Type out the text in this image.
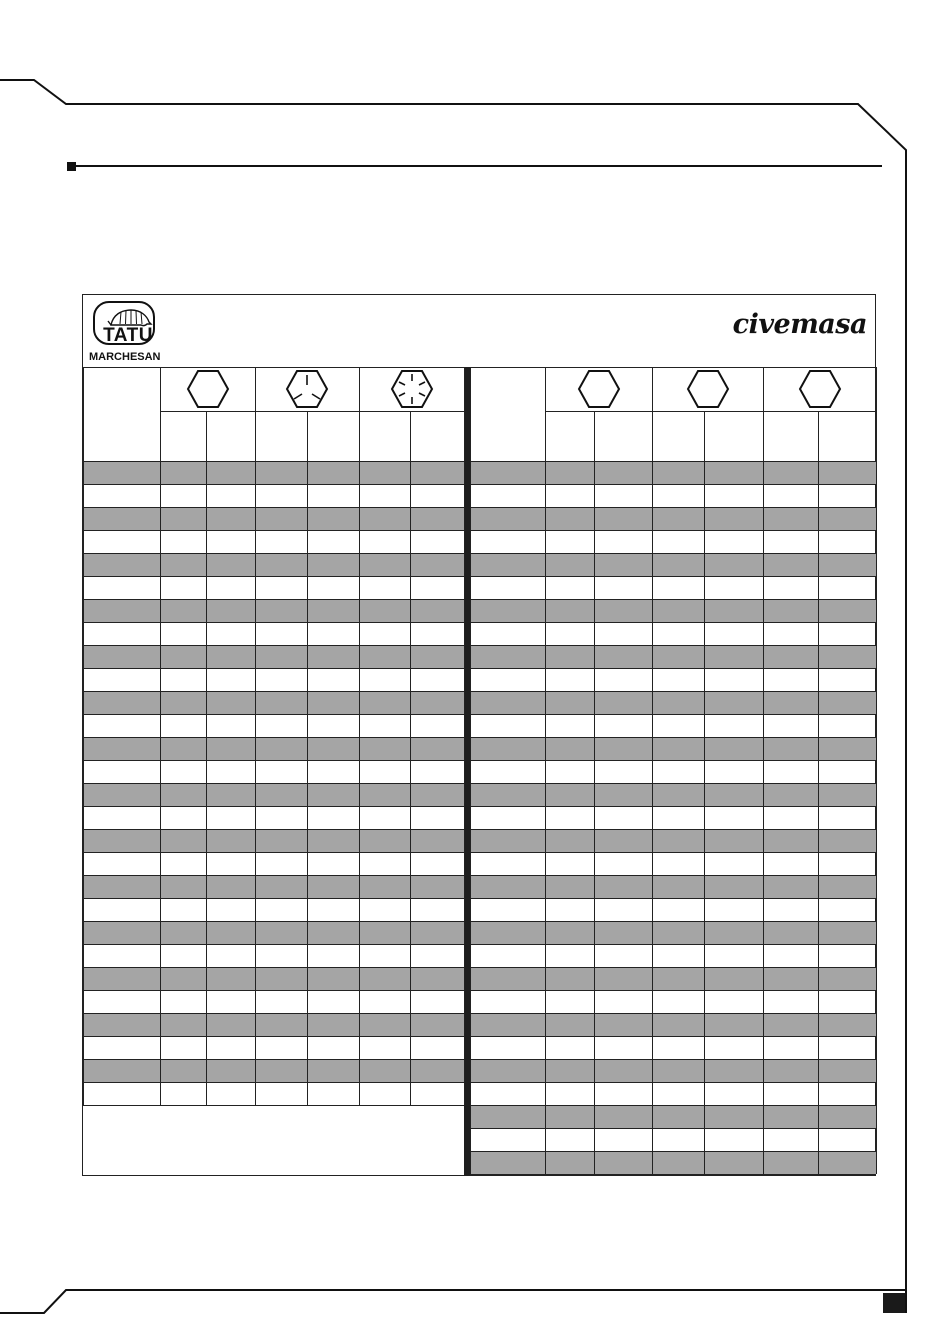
TATU
MARCHESAN
civemasa
